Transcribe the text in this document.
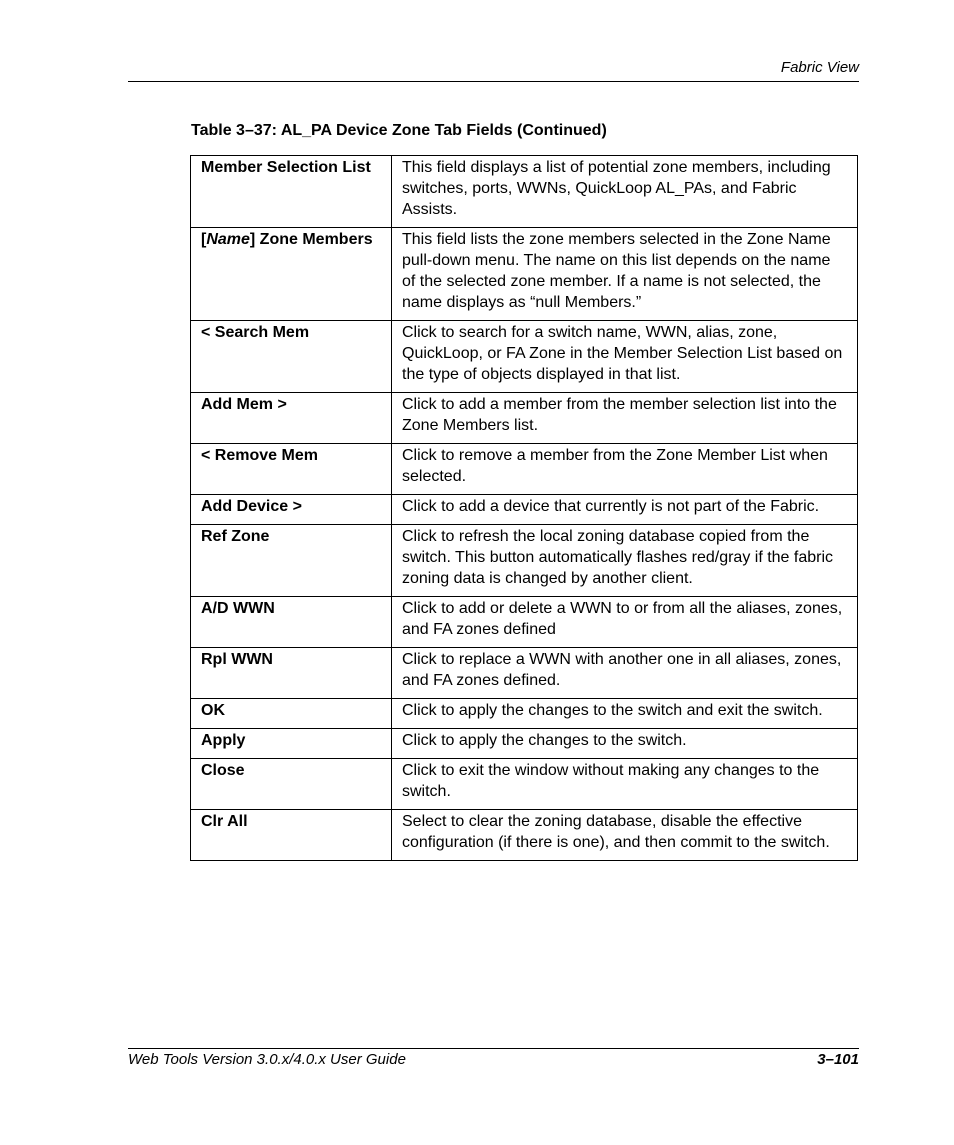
Fabric View
Table 3–37: AL_PA Device Zone Tab Fields (Continued)
Member Selection List	This field displays a list of potential zone members, including switches, ports, WWNs, QuickLoop AL_PAs, and Fabric Assists.
[Name] Zone Members	This field lists the zone members selected in the Zone Name pull-down menu. The name on this list depends on the name of the selected zone member. If a name is not selected, the name displays as “null Members.”
< Search Mem	Click to search for a switch name, WWN, alias, zone, QuickLoop, or FA Zone in the Member Selection List based on the type of objects displayed in that list.
Add Mem >	Click to add a member from the member selection list into the Zone Members list.
< Remove Mem	Click to remove a member from the Zone Member List when selected.
Add Device >	Click to add a device that currently is not part of the Fabric.
Ref Zone	Click to refresh the local zoning database copied from the switch. This button automatically flashes red/gray if the fabric zoning data is changed by another client.
A/D WWN	Click to add or delete a WWN to or from all the aliases, zones, and FA zones defined
Rpl WWN	Click to replace a WWN with another one in all aliases, zones, and FA zones defined.
OK	Click to apply the changes to the switch and exit the switch.
Apply	Click to apply the changes to the switch.
Close	Click to exit the window without making any changes to the switch.
Clr All	Select to clear the zoning database, disable the effective configuration (if there is one), and then commit to the switch.
Web Tools Version 3.0.x/4.0.x User Guide	3–101
